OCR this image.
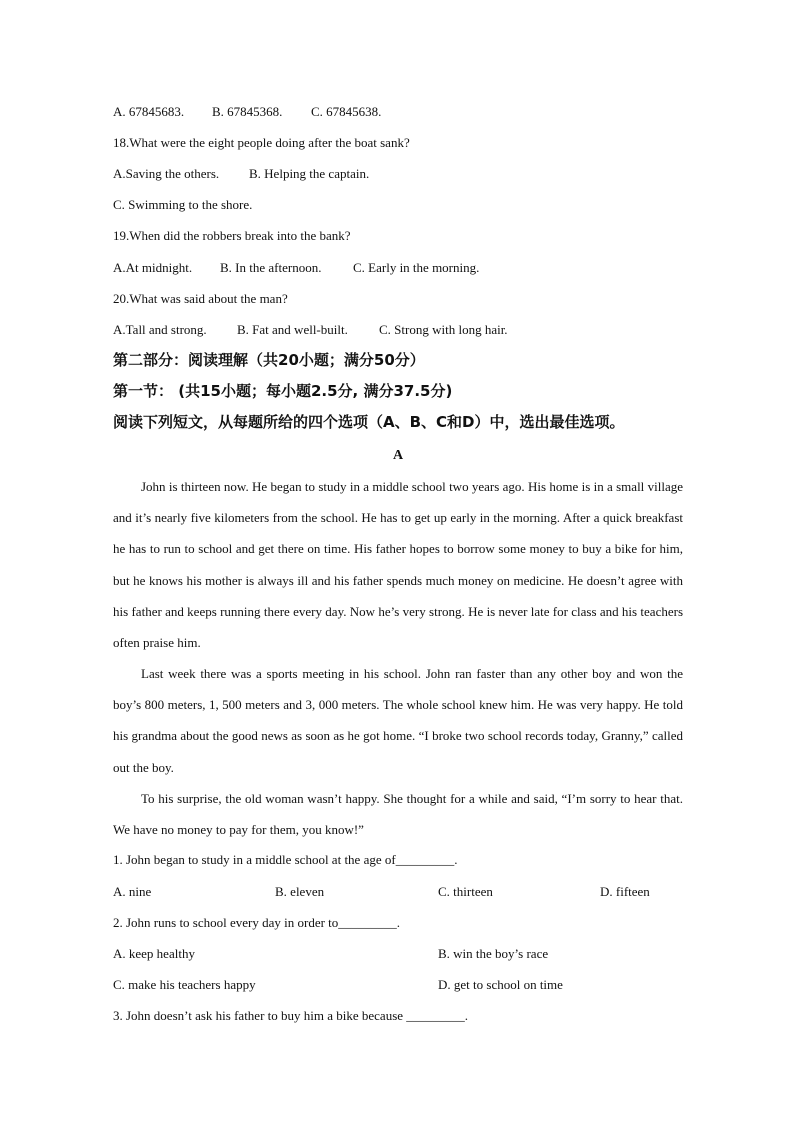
A. 67845683. B. 67845368. C. 67845638.
18.What were the eight people doing after the boat sank?
A.Saving the others. B. Helping the captain.
C. Swimming to the shore.
19.When did the robbers break into the bank?
A.At midnight. B. In the afternoon. C. Early in the morning.
20.What was said about the man?
A.Tall and strong. B. Fat and well-built. C. Strong with long hair.
第二部分：阅读理解（共20小题；满分50分）
第一节： (共15小题；每小题2.5分, 满分37.5分)
阅读下列短文，从每题所给的四个选项（A、B、C和D）中，选出最佳选项。
A
John is thirteen now. He began to study in a middle school two years ago. His home is in a small village and it’s nearly five kilometers from the school. He has to get up early in the morning. After a quick breakfast he has to run to school and get there on time. His father hopes to borrow some money to buy a bike for him, but he knows his mother is always ill and his father spends much money on medicine. He doesn’t agree with his father and keeps running there every day. Now he’s very strong. He is never late for class and his teachers often praise him.
Last week there was a sports meeting in his school. John ran faster than any other boy and won the boy’s 800 meters, 1, 500 meters and 3, 000 meters. The whole school knew him. He was very happy. He told his grandma about the good news as soon as he got home. “I broke two school records today, Granny,” called out the boy.
To his surprise, the old woman wasn’t happy. She thought for a while and said, “I’m sorry to hear that. We have no money to pay for them, you know!”
1. John began to study in a middle school at the age of_________.
A. nine	B. eleven	C. thirteen	D. fifteen
2. John runs to school every day in order to_________.
A. keep healthy	B. win the boy’s race
C. make his teachers happy	D. get to school on time
3. John doesn’t ask his father to buy him a bike because _________.
